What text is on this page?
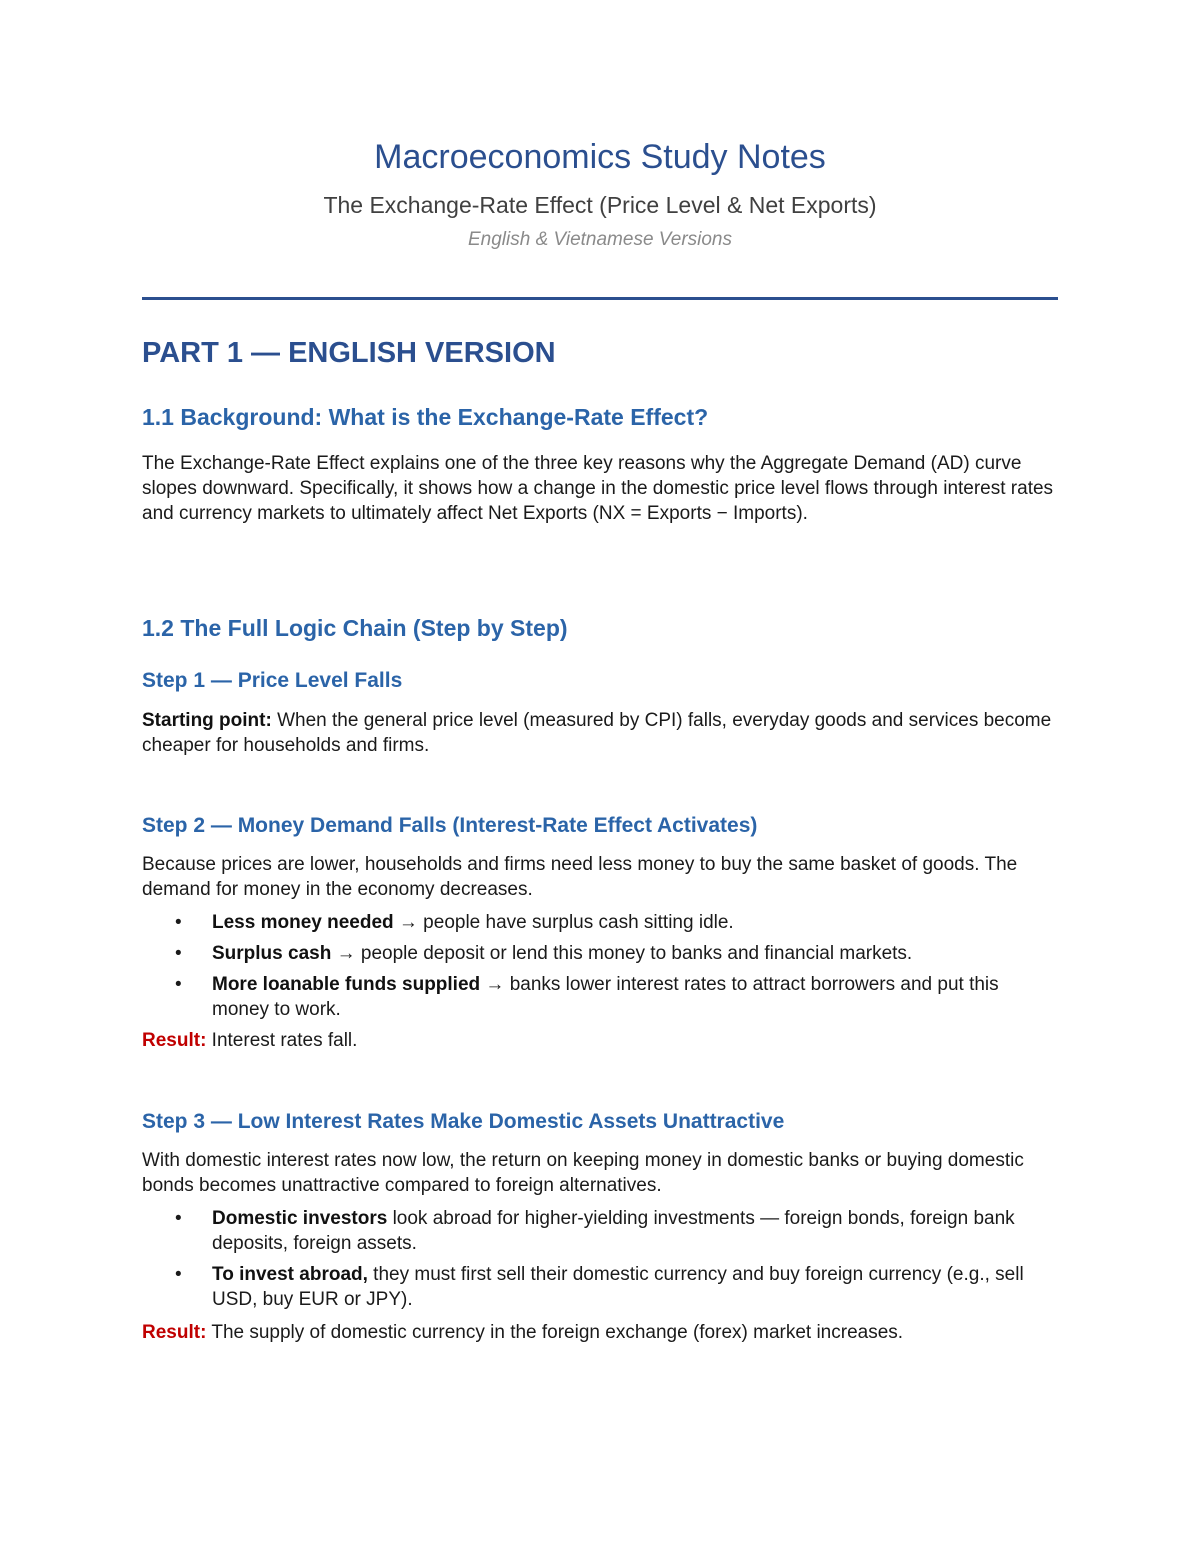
Macroeconomics Study Notes

The Exchange-Rate Effect (Price Level & Net Exports)

English & Vietnamese Versions

PART 1 — ENGLISH VERSION
1.1 Background: What is the Exchange-Rate Effect?

The Exchange-Rate Effect explains one of the three key reasons why the Aggregate Demand (AD) curve slopes downward. Specifically, it shows how a change in the domestic price level flows through interest rates and currency markets to ultimately affect Net Exports (NX = Exports − Imports).

1.2 The Full Logic Chain (Step by Step)
Step 1 — Price Level Falls

Starting point: When the general price level (measured by CPI) falls, everyday goods and services become cheaper for households and firms.

Step 2 — Money Demand Falls (Interest-Rate Effect Activates)

Because prices are lower, households and firms need less money to buy the same basket of goods. The demand for money in the economy decreases.

• Less money needed → people have surplus cash sitting idle.
• Surplus cash → people deposit or lend this money to banks and financial markets.
• More loanable funds supplied → banks lower interest rates to attract borrowers and put this money to work.

Result: Interest rates fall.

Step 3 — Low Interest Rates Make Domestic Assets Unattractive

With domestic interest rates now low, the return on keeping money in domestic banks or buying domestic bonds becomes unattractive compared to foreign alternatives.

• Domestic investors look abroad for higher-yielding investments — foreign bonds, foreign bank deposits, foreign assets.
• To invest abroad, they must first sell their domestic currency and buy foreign currency (e.g., sell USD, buy EUR or JPY).

Result: The supply of domestic currency in the foreign exchange (forex) market increases.
